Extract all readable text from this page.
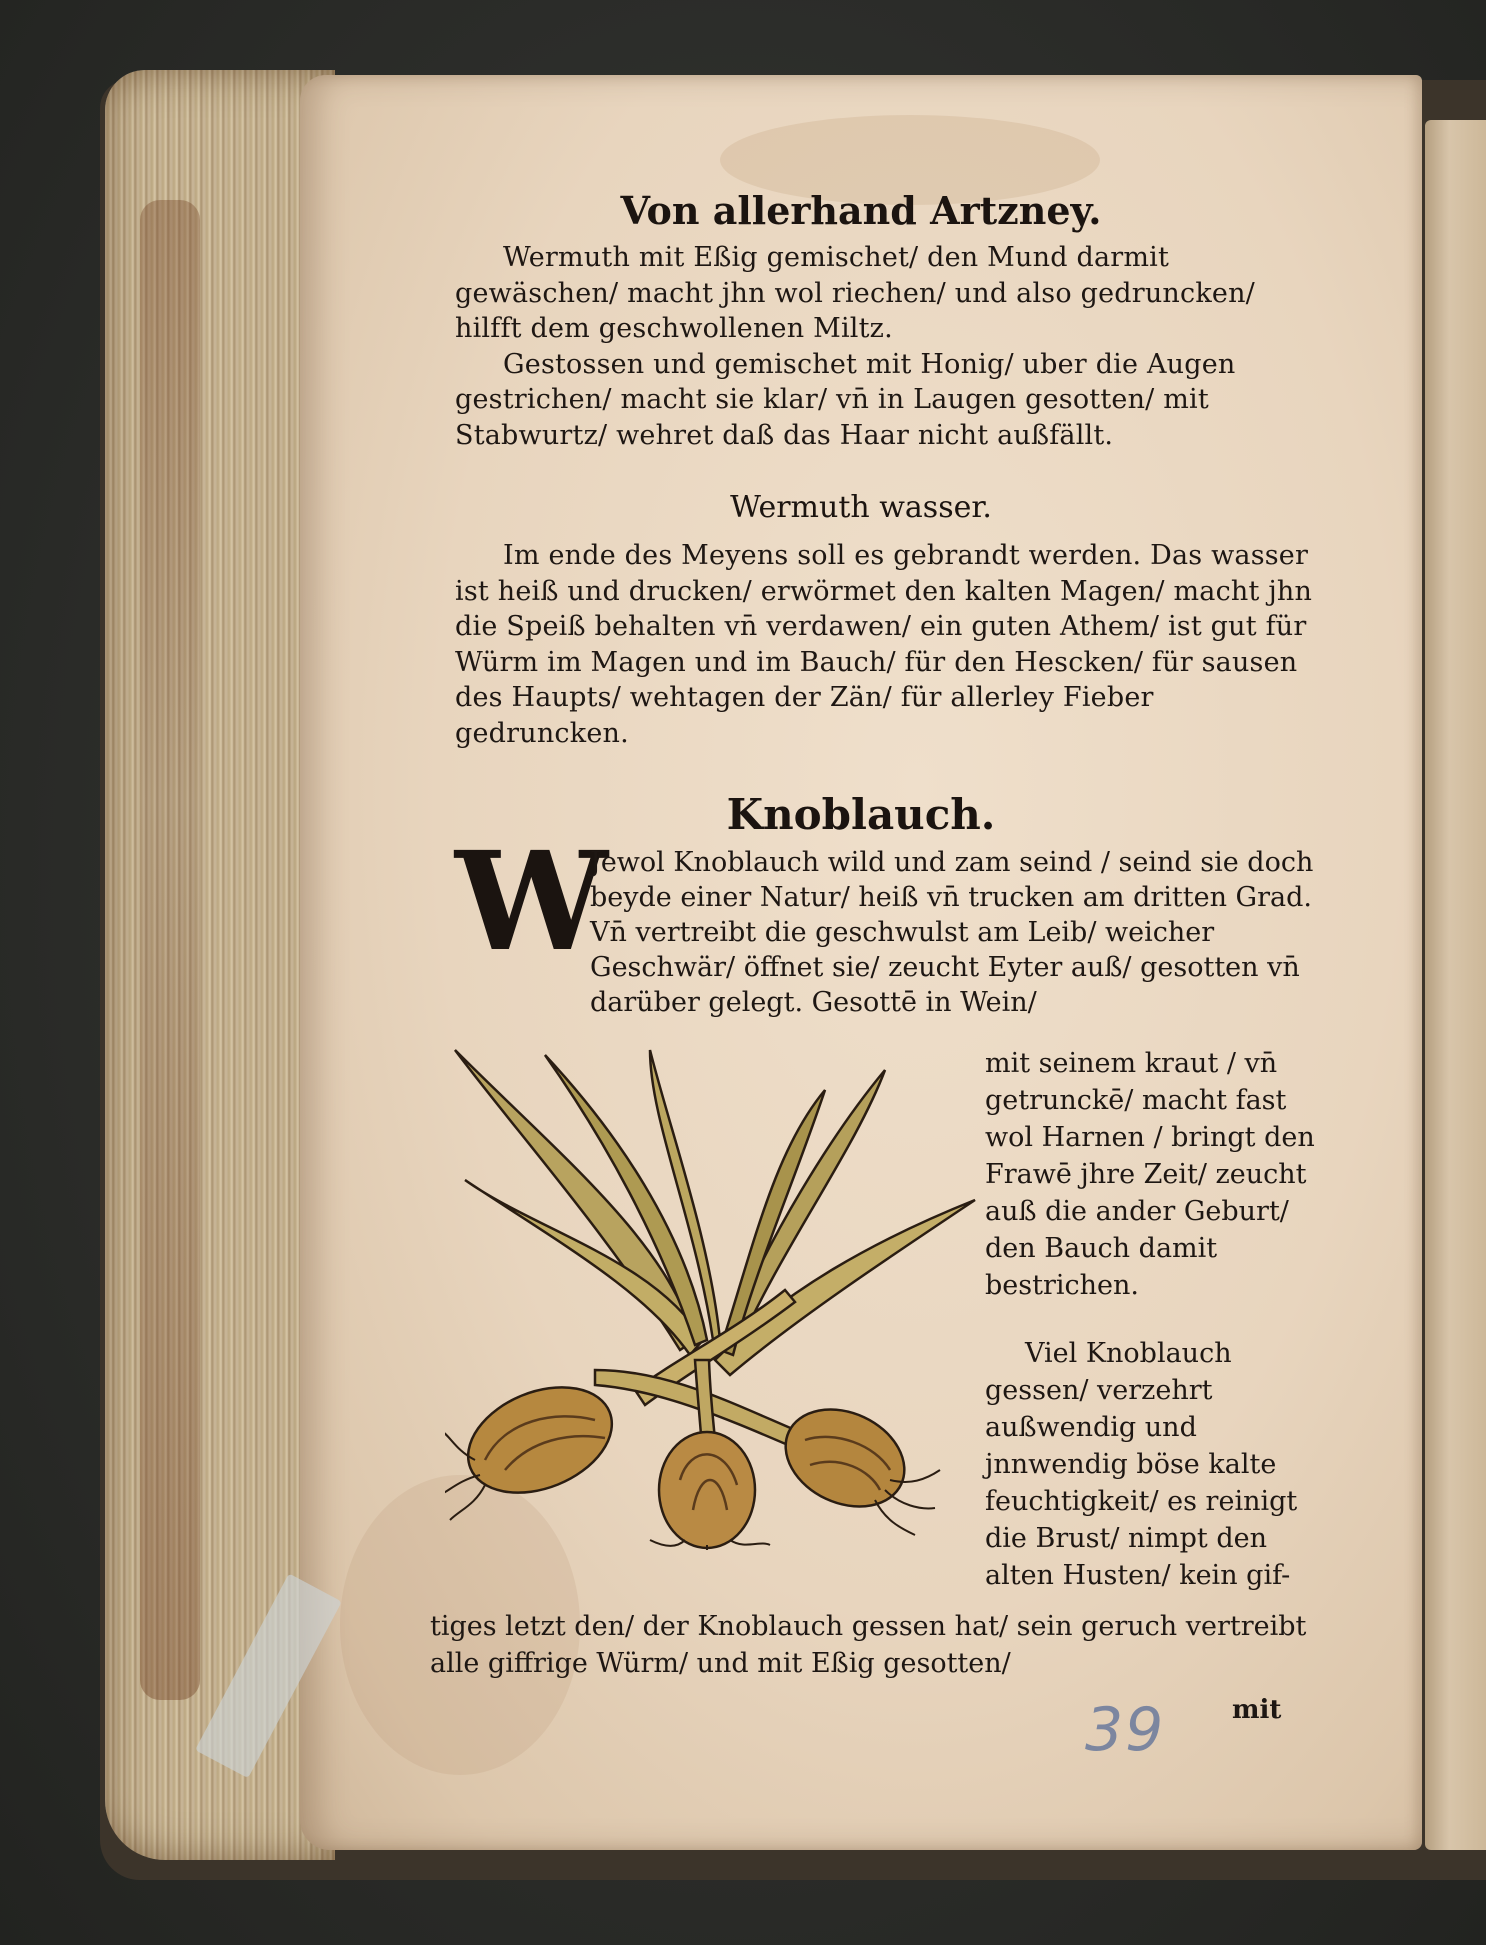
Von allerhand Artzney.

Wermuth mit Eßig gemischet/ den Mund darmit gewäschen/ macht jhn wol riechen/ und also gedruncken/ hilfft dem geschwollenen Miltz.

Gestossen und gemischet mit Honig/ uber die Augen gestrichen/ macht sie klar/ vn̄ in Laugen gesotten/ mit Stabwurtz/ wehret daß das Haar nicht außfällt.

Wermuth wasser.

Im ende des Meyens soll es gebrandt werden. Das wasser ist heiß und drucken/ erwörmet den kalten Magen/ macht jhn die Speiß behalten vn̄ verdawen/ ein guten Athem/ ist gut für Würm im Magen und im Bauch/ für den Hescken/ für sausen des Haupts/ wehtagen der Zän/ für allerley Fieber gedruncken.

Knoblauch.
W

Jewol Knoblauch wild und zam seind / seind sie doch beyde einer Natur/ heiß vn̄ trucken am dritten Grad. Vn̄ vertreibt die geschwulst am Leib/ weicher Geschwär/ öffnet sie/ zeucht Eyter auß/ gesotten vn̄ darüber gelegt. Gesottē in Wein/

mit seinem kraut / vn̄ getrunckē/ macht fast wol Harnen / bringt den Frawē jhre Zeit/ zeucht auß die ander Geburt/ den Bauch damit bestrichen.

Viel Knoblauch gessen/ verzehrt außwendig und jnnwendig böse kalte feuchtigkeit/ es reinigt die Brust/ nimpt den alten Husten/ kein gif-

tiges letzt den/ der Knoblauch gessen hat/ sein geruch vertreibt alle giffrige Würm/ und mit Eßig gesotten/

39	mit
